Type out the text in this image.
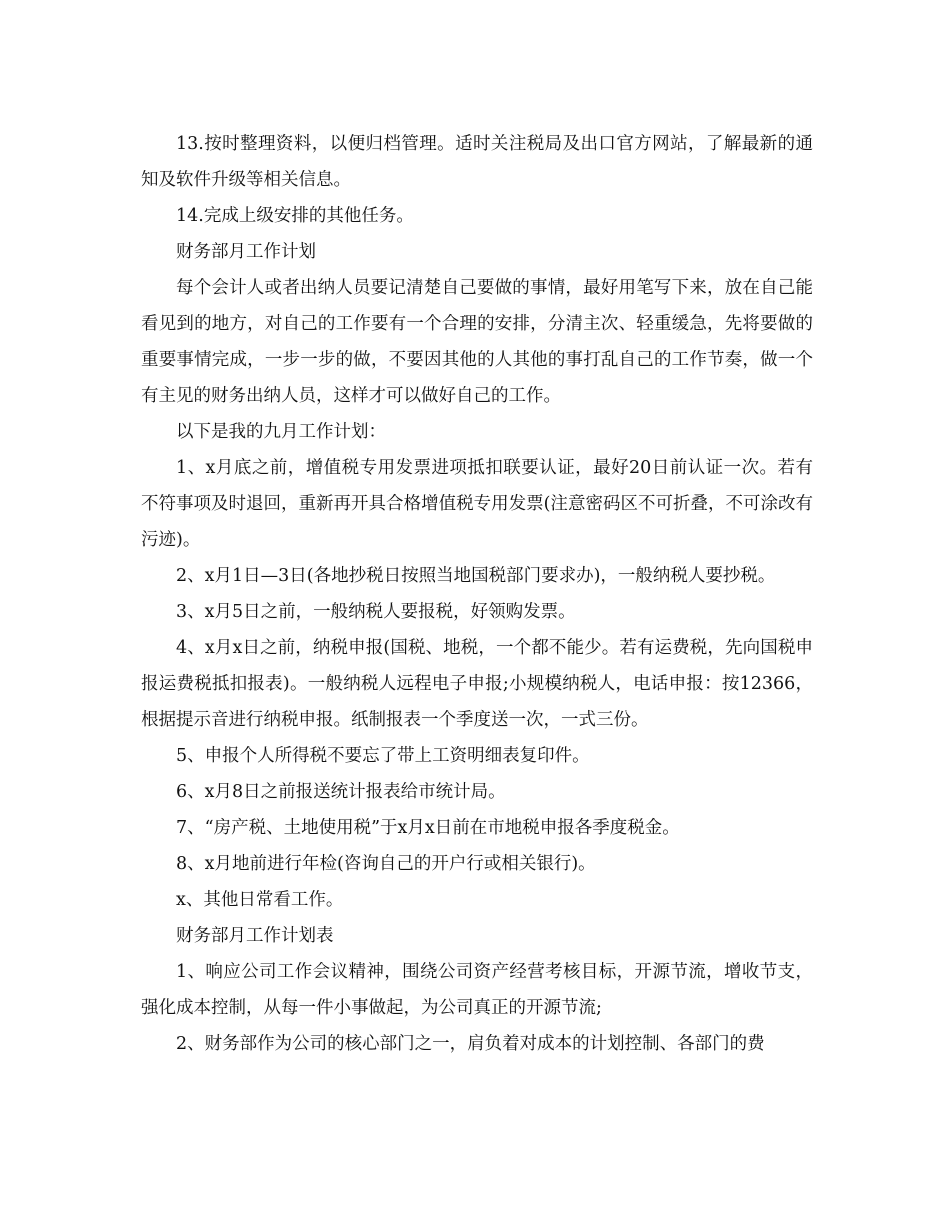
13.按时整理资料，以便归档管理。适时关注税局及出口官方网站，了解最新的通知及软件升级等相关信息。

14.完成上级安排的其他任务。

财务部月工作计划

每个会计人或者出纳人员要记清楚自己要做的事情，最好用笔写下来，放在自己能看见到的地方，对自己的工作要有一个合理的安排，分清主次、轻重缓急，先将要做的重要事情完成，一步一步的做，不要因其他的人其他的事打乱自己的工作节奏，做一个有主见的财务出纳人员，这样才可以做好自己的工作。

以下是我的九月工作计划：

1、x月底之前，增值税专用发票进项抵扣联要认证，最好20日前认证一次。若有不符事项及时退回，重新再开具合格增值税专用发票(注意密码区不可折叠，不可涂改有污迹)。

2、x月1日—3日(各地抄税日按照当地国税部门要求办)，一般纳税人要抄税。

3、x月5日之前，一般纳税人要报税，好领购发票。

4、x月x日之前，纳税申报(国税、地税，一个都不能少。若有运费税，先向国税申报运费税抵扣报表)。一般纳税人远程电子申报;小规模纳税人，电话申报：按12366，根据提示音进行纳税申报。纸制报表一个季度送一次，一式三份。

5、申报个人所得税不要忘了带上工资明细表复印件。

6、x月8日之前报送统计报表给市统计局。

7、“房产税、土地使用税”于x月x日前在市地税申报各季度税金。

8、x月地前进行年检(咨询自己的开户行或相关银行)。

x、其他日常看工作。

财务部月工作计划表

1、响应公司工作会议精神，围绕公司资产经营考核目标，开源节流，增收节支，强化成本控制，从每一件小事做起，为公司真正的开源节流;

2、财务部作为公司的核心部门之一，肩负着对成本的计划控制、各部门的费
